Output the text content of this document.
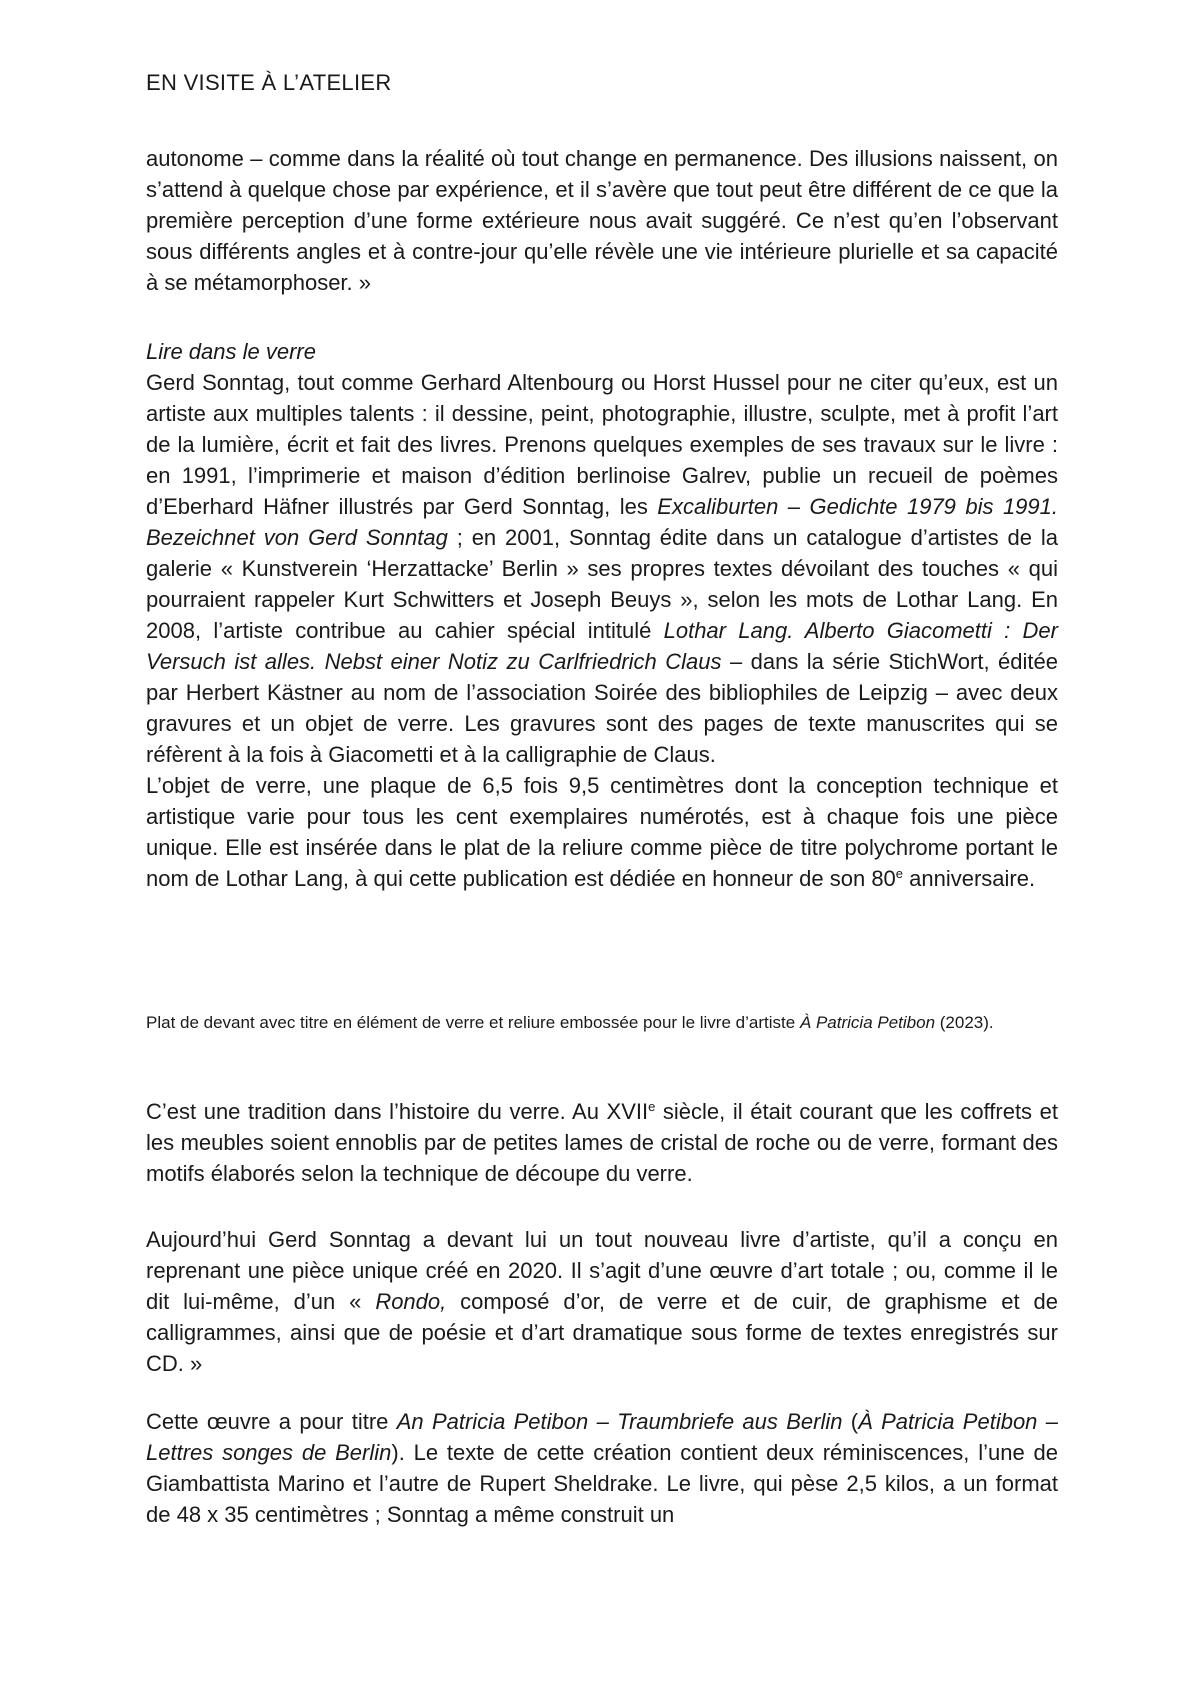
EN VISITE À L’ATELIER

autonome – comme dans la réalité où tout change en permanence. Des illusions naissent, on s’attend à quelque chose par expérience, et il s’avère que tout peut être différent de ce que la première perception d’une forme extérieure nous avait suggéré. Ce n’est qu’en l’observant sous différents angles et à contre-jour qu’elle révèle une vie intérieure plurielle et sa capacité à se métamorphoser. »

Lire dans le verre

Gerd Sonntag, tout comme Gerhard Altenbourg ou Horst Hussel pour ne citer qu’eux, est un artiste aux multiples talents : il dessine, peint, photographie, illustre, sculpte, met à profit l’art de la lumière, écrit et fait des livres. Prenons quelques exemples de ses travaux sur le livre : en 1991, l’imprimerie et maison d’édition berlinoise Galrev, publie un recueil de poèmes d’Eberhard Häfner illustrés par Gerd Sonntag, les Excaliburten – Gedichte 1979 bis 1991. Bezeichnet von Gerd Sonntag ; en 2001, Sonntag édite dans un catalogue d’artistes de la galerie « Kunstverein ‘Herzattacke’ Berlin » ses propres textes dévoilant des touches « qui pourraient rappeler Kurt Schwitters et Joseph Beuys », selon les mots de Lothar Lang. En 2008, l’artiste contribue au cahier spécial intitulé Lothar Lang. Alberto Giacometti : Der Versuch ist alles. Nebst einer Notiz zu Carlfriedrich Claus – dans la série StichWort, éditée par Herbert Kästner au nom de l’association Soirée des bibliophiles de Leipzig – avec deux gravures et un objet de verre. Les gravures sont des pages de texte manuscrites qui se réfèrent à la fois à Giacometti et à la calligraphie de Claus.

L’objet de verre, une plaque de 6,5 fois 9,5 centimètres dont la conception technique et artistique varie pour tous les cent exemplaires numérotés, est à chaque fois une pièce unique. Elle est insérée dans le plat de la reliure comme pièce de titre polychrome portant le nom de Lothar Lang, à qui cette publication est dédiée en honneur de son 80e anniversaire.

Plat de devant avec titre en élément de verre et reliure embossée pour le livre d’artiste À Patricia Petibon (2023).

C’est une tradition dans l’histoire du verre. Au XVIIe siècle, il était courant que les coffrets et les meubles soient ennoblis par de petites lames de cristal de roche ou de verre, formant des motifs élaborés selon la technique de découpe du verre.

Aujourd’hui Gerd Sonntag a devant lui un tout nouveau livre d’artiste, qu’il a conçu en reprenant une pièce unique créé en 2020. Il s’agit d’une œuvre d’art totale ; ou, comme il le dit lui-même, d’un « Rondo, composé d’or, de verre et de cuir, de graphisme et de calligrammes, ainsi que de poésie et d’art dramatique sous forme de textes enregistrés sur CD. »

Cette œuvre a pour titre An Patricia Petibon – Traumbriefe aus Berlin (À Patricia Petibon – Lettres songes de Berlin). Le texte de cette création contient deux réminiscences, l’une de Giambattista Marino et l’autre de Rupert Sheldrake. Le livre, qui pèse 2,5 kilos, a un format de 48 x 35 centimètres ; Sonntag a même construit un
